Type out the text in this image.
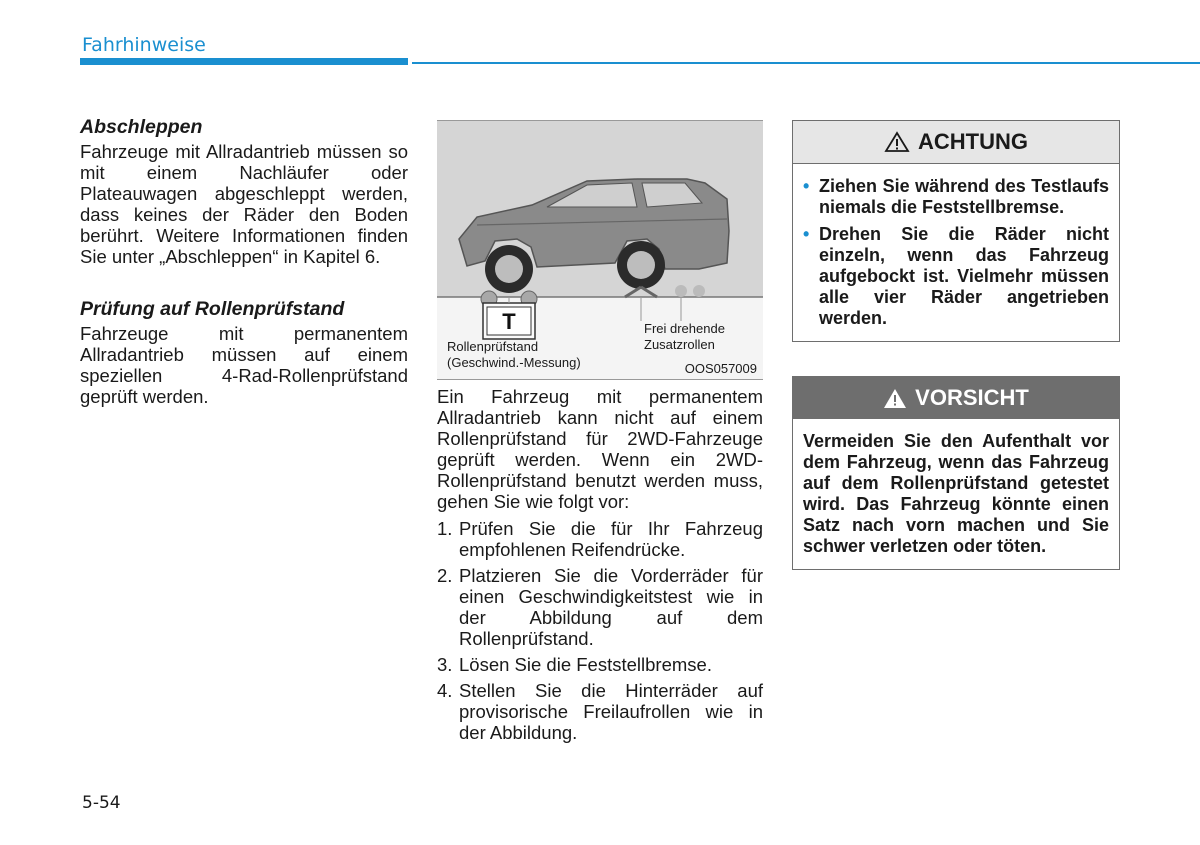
Fahrhinweise
Abschleppen

Fahrzeuge mit Allradantrieb müssen so mit einem Nachläufer oder Plateauwagen abgeschleppt werden, dass keines der Räder den Boden berührt. Weitere Informationen finden Sie unter „Abschleppen“ in Kapitel 6.

Prüfung auf Rollenprüfstand

Fahrzeuge mit permanentem Allradantrieb müssen auf einem speziellen 4-Rad-Rollenprüfstand geprüft werden.

T
Rollenprüfstand
(Geschwind.-Messung)
Frei drehende
Zusatzrollen
OOS057009

Ein Fahrzeug mit permanentem Allradantrieb kann nicht auf einem Rollenprüfstand für 2WD-Fahrzeuge geprüft werden. Wenn ein 2WD-Rollenprüfstand benutzt werden muss, gehen Sie wie folgt vor:

1. Prüfen Sie die für Ihr Fahrzeug empfohlenen Reifendrücke.
2. Platzieren Sie die Vorderräder für einen Geschwindigkeitstest wie in der Abbildung auf dem Rollenprüfstand.
3. Lösen Sie die Feststellbremse.
4. Stellen Sie die Hinterräder auf provisorische Freilaufrollen wie in der Abbildung.
ACHTUNG
• Ziehen Sie während des Testlaufs niemals die Feststellbremse.
• Drehen Sie die Räder nicht einzeln, wenn das Fahrzeug aufgebockt ist. Vielmehr müssen alle vier Räder angetrieben werden.
VORSICHT

Vermeiden Sie den Aufenthalt vor dem Fahrzeug, wenn das Fahrzeug auf dem Rollenprüfstand getestet wird. Das Fahrzeug könnte einen Satz nach vorn machen und Sie schwer verletzen oder töten.

5-54
